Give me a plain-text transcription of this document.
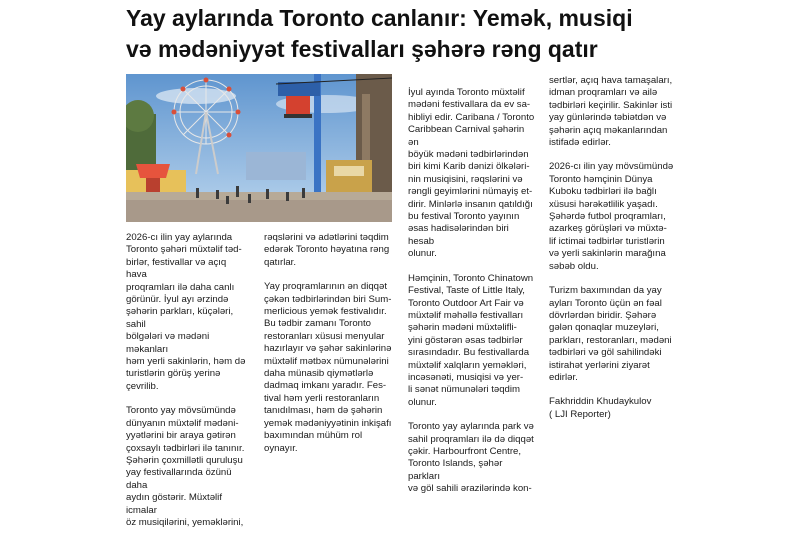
Yay aylarında Toronto canlanır: Yemək, musiqi
və mədəniyyət festivalları şəhərə rəng qatır

2026-cı ilin yay aylarında
Toronto şəhəri müxtəlif təd-
birlər, festivallar və açıq hava
proqramları ilə daha canlı
görünür. İyul ayı ərzində
şəhərin parkları, küçələri, sahil
bölgələri və mədəni məkanları
həm yerli sakinlərin, həm də
turistlərin görüş yerinə çevrilib.

Toronto yay mövsümündə
dünyanın müxtəlif mədəni-
yyətlərini bir araya gətirən
çoxsaylı tədbirləri ilə tanınır.
Şəhərin çoxmillətli quruluşu
yay festivallarında özünü daha
aydın göstərir. Müxtəlif icmalar
öz musiqilərini, yeməklərini,

rəqslərini və adətlərini təqdim
edərək Toronto həyatına rəng
qatırlar.

Yay proqramlarının ən diqqət
çəkən tədbirlərindən biri Sum-
merlicious yemək festivalıdır.
Bu tədbir zamanı Toronto
restoranları xüsusi menyular
hazırlayır və şəhər sakinlərinə
müxtəlif mətbəx nümunələrini
daha münasib qiymətlərlə
dadmaq imkanı yaradır. Fes-
tival həm yerli restoranların
tanıdılması, həm də şəhərin
yemək mədəniyyətinin inkişafı
baxımından mühüm rol
oynayır.

İyul ayında Toronto müxtəlif
mədəni festivallara da ev sa-
hibliyi edir. Caribana / Toronto
Caribbean Carnival şəhərin ən
böyük mədəni tədbirlərindən
biri kimi Karib dənizi ölkələri-
nin musiqisini, rəqslərini və
rəngli geyimlərini nümayiş et-
dirir. Minlərlə insanın qatıldığı
bu festival Toronto yayının
əsas hadisələrindən biri hesab
olunur.

Həmçinin, Toronto Chinatown
Festival, Taste of Little Italy,
Toronto Outdoor Art Fair və
müxtəlif məhəllə festivalları
şəhərin mədəni müxtəlifli-
yini göstərən əsas tədbirlər
sırasındadır. Bu festivallarda
müxtəlif xalqların yeməkləri,
incəsənəti, musiqisi və yer-
li sənət nümunələri təqdim
olunur.

Toronto yay aylarında park və
sahil proqramları ilə də diqqət
çəkir. Harbourfront Centre,
Toronto Islands, şəhər parkları
və göl sahili ərazilərində kon-

sertlər, açıq hava tamaşaları,
idman proqramları və ailə
tədbirləri keçirilir. Sakinlər isti
yay günlərində təbiətdən və
şəhərin açıq məkanlarından
istifadə edirlər.

2026-cı ilin yay mövsümündə
Toronto həmçinin Dünya
Kuboku tədbirləri ilə bağlı
xüsusi hərəkətlilik yaşadı.
Şəhərdə futbol proqramları,
azarkeş görüşləri və müxtə-
lif ictimai tədbirlər turistlərin
və yerli sakinlərin marağına
səbəb oldu.

Turizm baxımından da yay
ayları Toronto üçün ən fəal
dövrlərdən biridir. Şəhərə
gələn qonaqlar muzeyləri,
parkları, restoranları, mədəni
tədbirləri və göl sahilindəki
istirahət yerlərini ziyarət
edirlər.

Fakhriddin Khudaykulov
( LJI Reporter)
